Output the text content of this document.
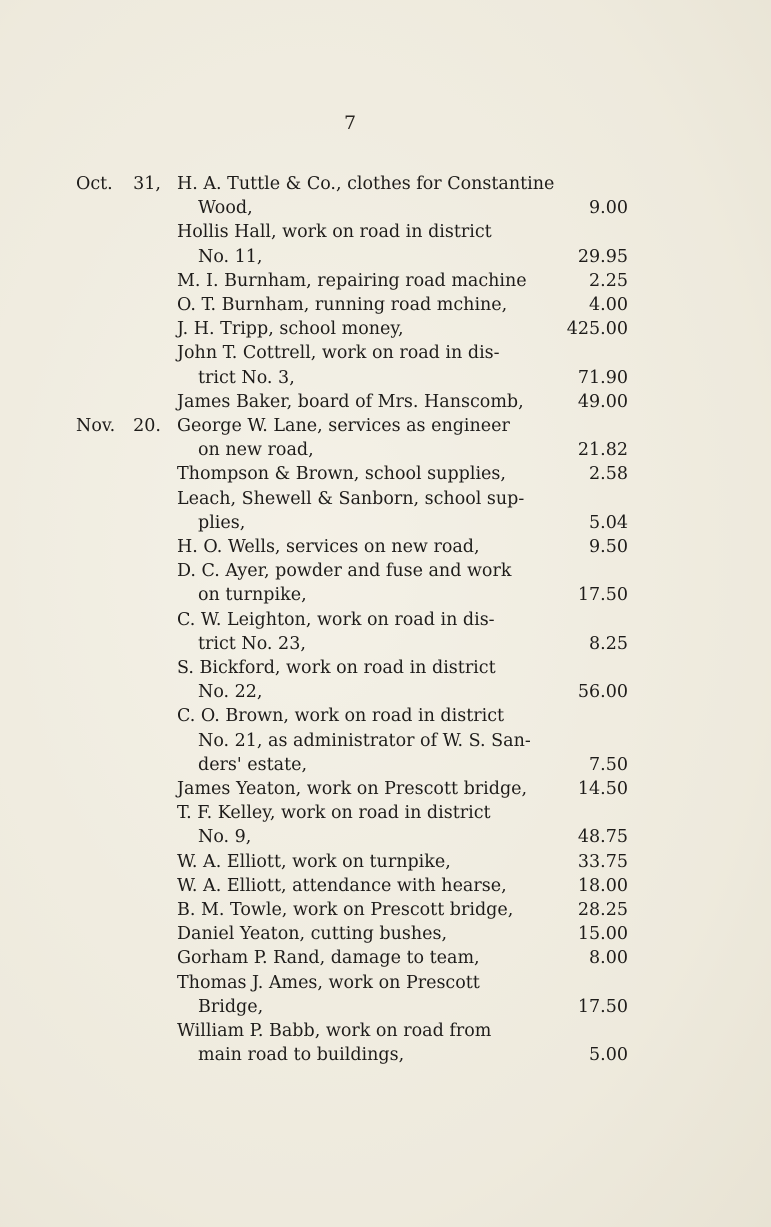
7
Oct. 31, H. A. Tuttle & Co., clothes for Constantine
Wood,	9.00
Hollis Hall, work on road in district
No. 11,	29.95
M. I. Burnham, repairing road machine	2.25
O. T. Burnham, running road mchine,	4.00
J. H. Tripp, school money,	425.00
John T. Cottrell, work on road in dis-
trict No. 3,	71.90
James Baker, board of Mrs. Hanscomb,	49.00
Nov. 20. George W. Lane, services as engineer
on new road,	21.82
Thompson & Brown, school supplies,	2.58
Leach, Shewell & Sanborn, school sup-
plies,	5.04
H. O. Wells, services on new road,	9.50
D. C. Ayer, powder and fuse and work
on turnpike,	17.50
C. W. Leighton, work on road in dis-
trict No. 23,	8.25
S. Bickford, work on road in district
No. 22,	56.00
C. O. Brown, work on road in district
No. 21, as administrator of W. S. San-
ders' estate,	7.50
James Yeaton, work on Prescott bridge,	14.50
T. F. Kelley, work on road in district
No. 9,	48.75
W. A. Elliott, work on turnpike,	33.75
W. A. Elliott, attendance with hearse,	18.00
B. M. Towle, work on Prescott bridge,	28.25
Daniel Yeaton, cutting bushes,	15.00
Gorham P. Rand, damage to team,	8.00
Thomas J. Ames, work on Prescott
Bridge,	17.50
William P. Babb, work on road from
main road to buildings,	5.00
